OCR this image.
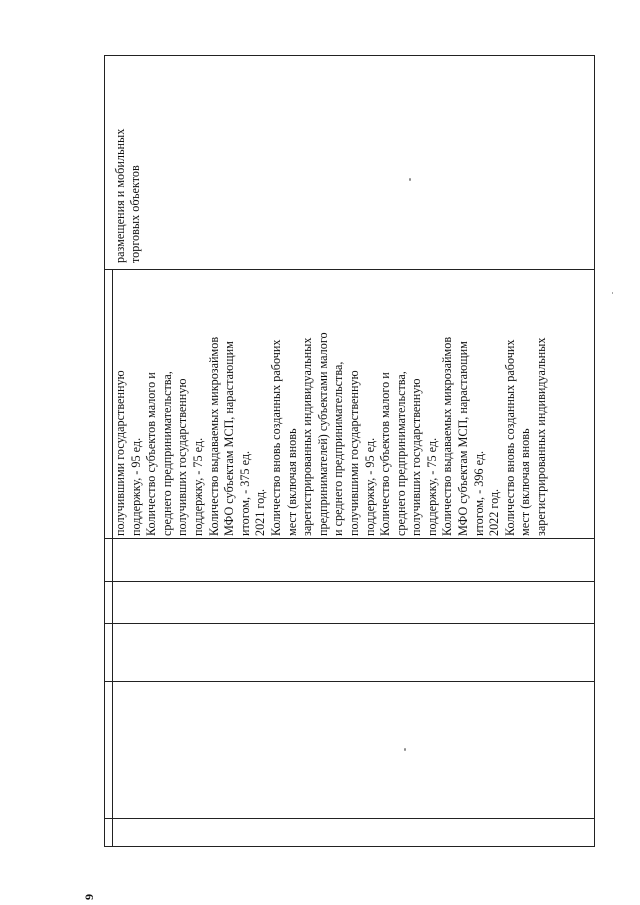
9

размещения и мобильных торговых объектов

получившими государственную поддержку, - 95 ед. Количество субъектов малого и среднего предпринимательства, получивших государственную поддержку, - 75 ед. Количество выдаваемых микрозаймов МФО субъектам МСП, нарастающим итогом, - 375 ед. 2021 год. Количество вновь созданных рабочих мест (включая вновь зарегистрированных индивидуальных предпринимателей) субъектами малого и среднего предпринимательства, получившими государственную поддержку, - 95 ед. Количество субъектов малого и среднего предпринимательства, получивших государственную поддержку, - 75 ед. Количество выдаваемых микрозаймов МФО субъектам МСП, нарастающим итогом, - 396 ед. 2022 год. Количество вновь созданных рабочих мест (включая вновь зарегистрированных индивидуальных
